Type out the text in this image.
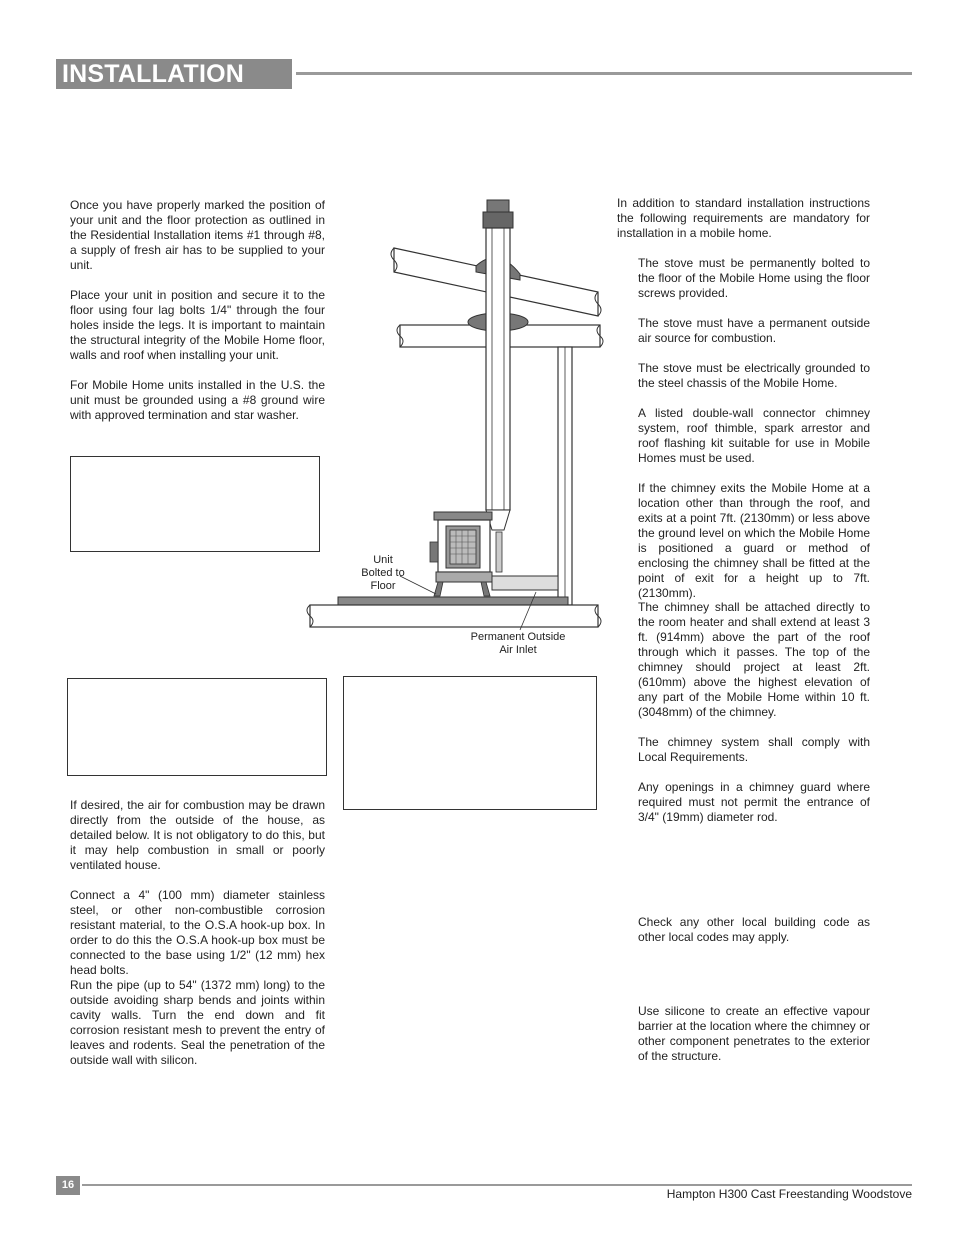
INSTALLATION

Once you have properly marked the position of your unit and the floor protection as outlined in the Residential Installation items #1 through #8, a supply of fresh air has to be supplied to your unit.

Place your unit in position and secure it to the floor using four lag bolts 1/4" through the four holes inside the legs. It is important to maintain the structural integrity of the Mobile Home floor, walls and roof when installing your unit.

For Mobile Home units installed in the U.S. the unit must be grounded using a #8 ground wire with approved termination and star washer.

If desired, the air for combustion may be drawn directly from the outside of the house, as detailed below. It is not obligatory to do this, but it may help combustion in small or poorly ventilated house.

Connect a 4" (100 mm) diameter stainless steel, or other non-combustible corrosion resistant material, to the O.S.A hook-up box. In order to do this the O.S.A hook-up box must be connected to the base using 1/2" (12 mm) hex head bolts.

Run the pipe (up to 54" (1372 mm) long) to the outside avoiding sharp bends and joints within cavity walls. Turn the end down and fit corrosion resistant mesh to prevent the entry of leaves and rodents. Seal the penetration of the outside wall with silicon.

Unit
Bolted to
Floor
Permanent Outside
Air Inlet

In addition to standard installation instructions the following requirements are mandatory for installation in a mobile home.

The stove must be permanently bolted to the floor of the Mobile Home using the floor screws provided.

The stove must have a permanent outside air source for combustion.

The stove must be electrically grounded to the steel chassis of the Mobile Home.

A listed double-wall connector chimney system, roof thimble, spark arrestor and roof flashing kit suitable for use in Mobile Homes must be used.

If the chimney exits the Mobile Home at a location other than through the roof, and exits at a point 7ft. (2130mm) or less above the ground level on which the Mobile Home is positioned a guard or method of enclosing the chimney shall be fitted at the point of exit for a height up to 7ft. (2130mm).

The chimney shall be attached directly to the room heater and shall extend at least 3 ft. (914mm) above the part of the roof through which it passes. The top of the chimney should project at least 2ft. (610mm) above the highest elevation of any part of the Mobile Home within 10 ft. (3048mm) of the chimney.

The chimney system shall comply with Local Requirements.

Any openings in a chimney guard where required must not permit the entrance of 3/4" (19mm) diameter rod.

Check any other local building code as other local codes may apply.

Use silicone to create an effective vapour barrier at the location where the chimney or other component penetrates to the exterior of the structure.

16
Hampton H300 Cast Freestanding Woodstove
